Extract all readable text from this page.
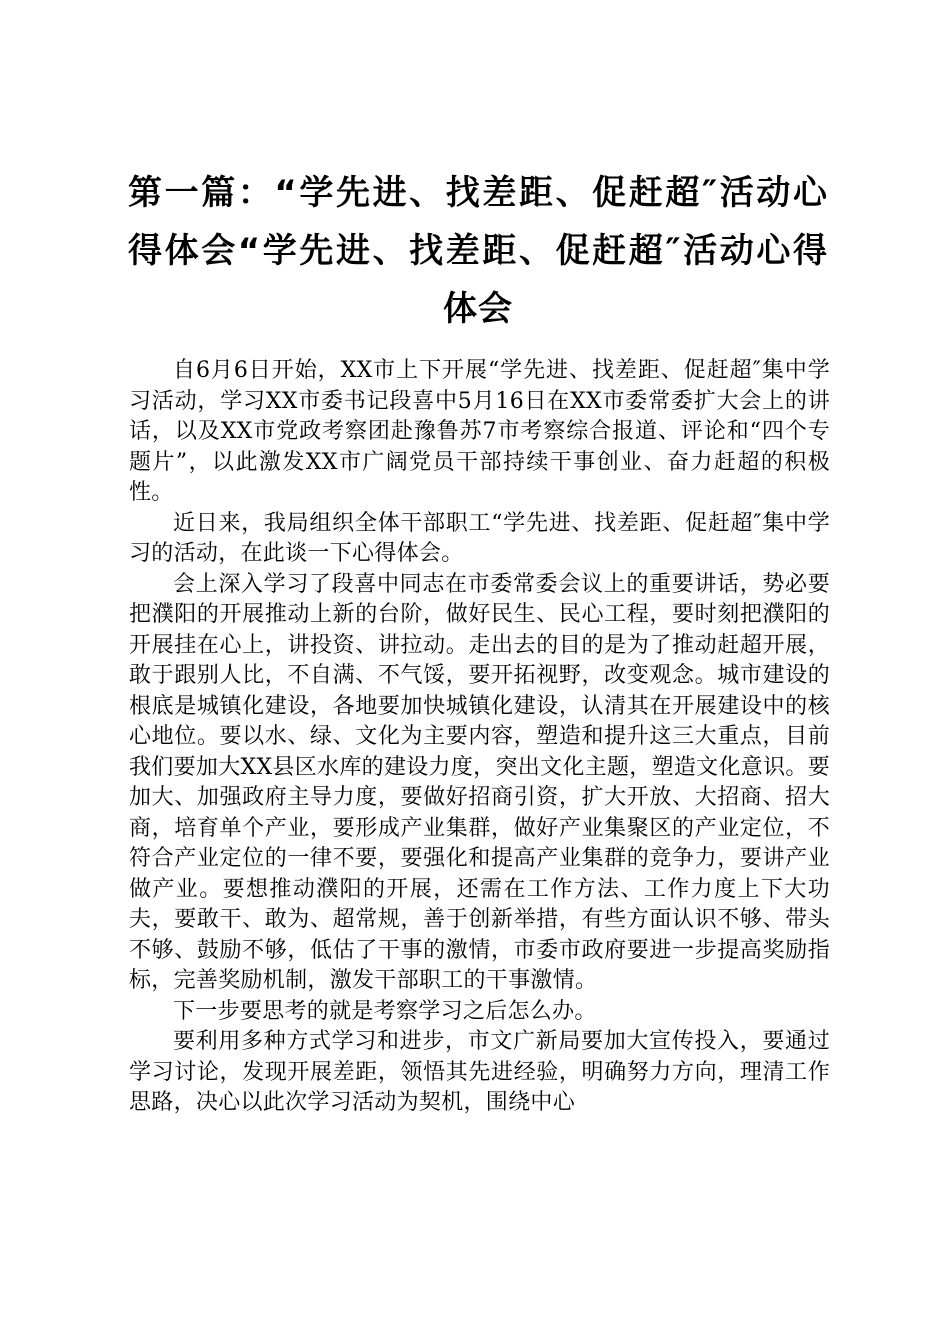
第一篇：“学先进、找差距、促赶超″活动心得体会“学先进、找差距、促赶超″活动心得体会

自6月6日开始，XX市上下开展“学先进、找差距、促赶超″集中学习活动，学习XX市委书记段喜中5月16日在XX市委常委扩大会上的讲话，以及XX市党政考察团赴豫鲁苏7市考察综合报道、评论和“四个专题片”，以此激发XX市广阔党员干部持续干事创业、奋力赶超的积极性。

近日来，我局组织全体干部职工“学先进、找差距、促赶超″集中学习的活动，在此谈一下心得体会。

会上深入学习了段喜中同志在市委常委会议上的重要讲话，势必要把濮阳的开展推动上新的台阶，做好民生、民心工程，要时刻把濮阳的开展挂在心上，讲投资、讲拉动。走出去的目的是为了推动赶超开展，敢于跟别人比，不自满、不气馁，要开拓视野，改变观念。城市建设的根底是城镇化建设，各地要加快城镇化建设，认清其在开展建设中的核心地位。要以水、绿、文化为主要内容，塑造和提升这三大重点，目前我们要加大XX县区水库的建设力度，突出文化主题，塑造文化意识。要加大、加强政府主导力度，要做好招商引资，扩大开放、大招商、招大商，培育单个产业，要形成产业集群，做好产业集聚区的产业定位，不符合产业定位的一律不要，要强化和提高产业集群的竞争力，要讲产业做产业。要想推动濮阳的开展，还需在工作方法、工作力度上下大功夫，要敢干、敢为、超常规，善于创新举措，有些方面认识不够、带头不够、鼓励不够，低估了干事的激情，市委市政府要进一步提高奖励指标，完善奖励机制，激发干部职工的干事激情。

下一步要思考的就是考察学习之后怎么办。

要利用多种方式学习和进步，市文广新局要加大宣传投入，要通过学习讨论，发现开展差距，领悟其先进经验，明确努力方向，理清工作思路，决心以此次学习活动为契机，围绕中心
